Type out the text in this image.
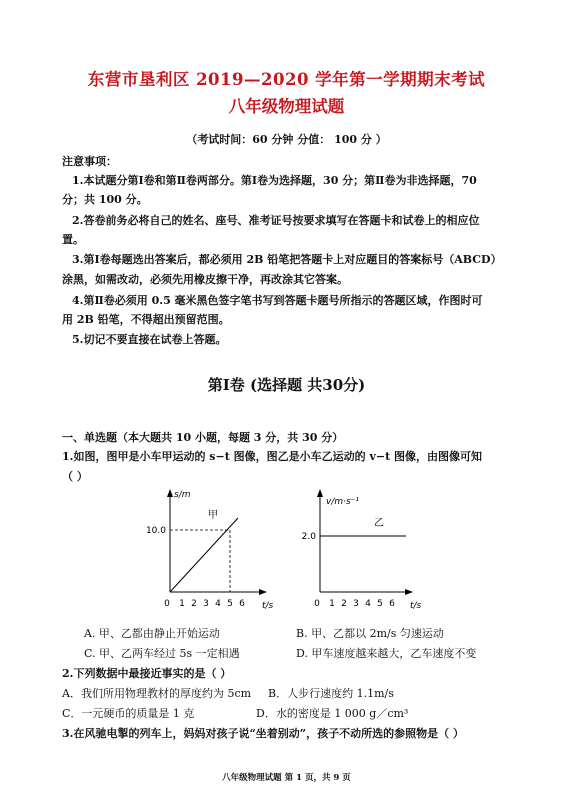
东营市垦利区 2019—2020 学年第一学期期末考试
八年级物理试题
（考试时间：60 分钟 分值： 100 分 ）
注意事项：
1.本试题分第Ⅰ卷和第Ⅱ卷两部分。第Ⅰ卷为选择题，30 分；第Ⅱ卷为非选择题，70
分；共 100 分。
2.答卷前务必将自己的姓名、座号、准考证号按要求填写在答题卡和试卷上的相应位
置。
3.第Ⅰ卷每题选出答案后，都必须用 2B 铅笔把答题卡上对应题目的答案标号（ABCD）
涂黑，如需改动，必须先用橡皮擦干净，再改涂其它答案。
4.第Ⅱ卷必须用 0.5 毫米黑色签字笔书写到答题卡题号所指示的答题区域，作图时可
用 2B 铅笔，不得超出预留范围。
5.切记不要直接在试卷上答题。
第Ⅰ卷 (选择题 共30分)
一、单选题（本大题共 10 小题，每题 3 分，共 30 分）
1.如图，图甲是小车甲运动的 s−t 图像，图乙是小车乙运动的 v−t 图像，由图像可知
（ ）
s/m
t/s
甲
10.0
0 1 2 3 4 5 6
v/m·s⁻¹
t/s
乙
2.0
0 1 2 3 4 5 6
A. 甲、乙都由静止开始运动	B. 甲、乙都以 2m/s 匀速运动
C. 甲、乙两车经过 5s 一定相遇	D. 甲车速度越来越大，乙车速度不变
2.下列数据中最接近事实的是（ ）
A．我们所用物理教材的厚度约为 5cm B．人步行速度约 1.1m/s
C．一元硬币的质量是 1 克	D．水的密度是 1 000 g／cm³
3.在风驰电掣的列车上，妈妈对孩子说“坐着别动”，孩子不动所选的参照物是（ ）
八年级物理试题 第 1 页，共 9 页
